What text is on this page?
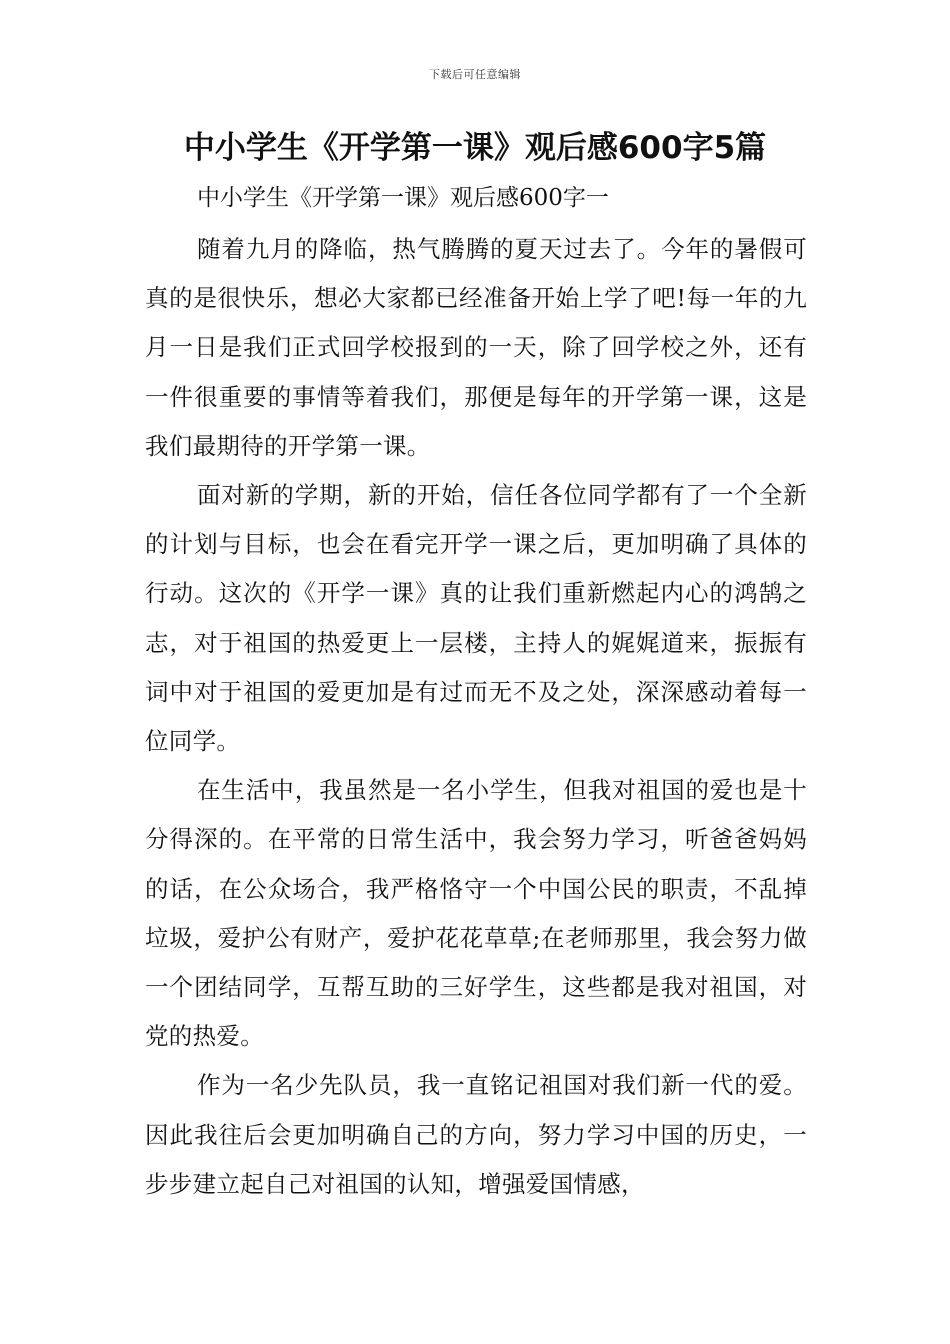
下载后可任意编辑
中小学生《开学第一课》观后感600字5篇

中小学生《开学第一课》观后感600字一

随着九月的降临，热气腾腾的夏天过去了。今年的暑假可真的是很快乐，想必大家都已经准备开始上学了吧!每一年的九月一日是我们正式回学校报到的一天，除了回学校之外，还有一件很重要的事情等着我们，那便是每年的开学第一课，这是我们最期待的开学第一课。

面对新的学期，新的开始，信任各位同学都有了一个全新的计划与目标，也会在看完开学一课之后，更加明确了具体的行动。这次的《开学一课》真的让我们重新燃起内心的鸿鹄之志，对于祖国的热爱更上一层楼，主持人的娓娓道来，振振有词中对于祖国的爱更加是有过而无不及之处，深深感动着每一位同学。

在生活中，我虽然是一名小学生，但我对祖国的爱也是十分得深的。在平常的日常生活中，我会努力学习，听爸爸妈妈的话，在公众场合，我严格恪守一个中国公民的职责，不乱掉垃圾，爱护公有财产，爱护花花草草;在老师那里，我会努力做一个团结同学，互帮互助的三好学生，这些都是我对祖国，对党的热爱。

作为一名少先队员，我一直铭记祖国对我们新一代的爱。因此我往后会更加明确自己的方向，努力学习中国的历史，一步步建立起自己对祖国的认知，增强爱国情感，
